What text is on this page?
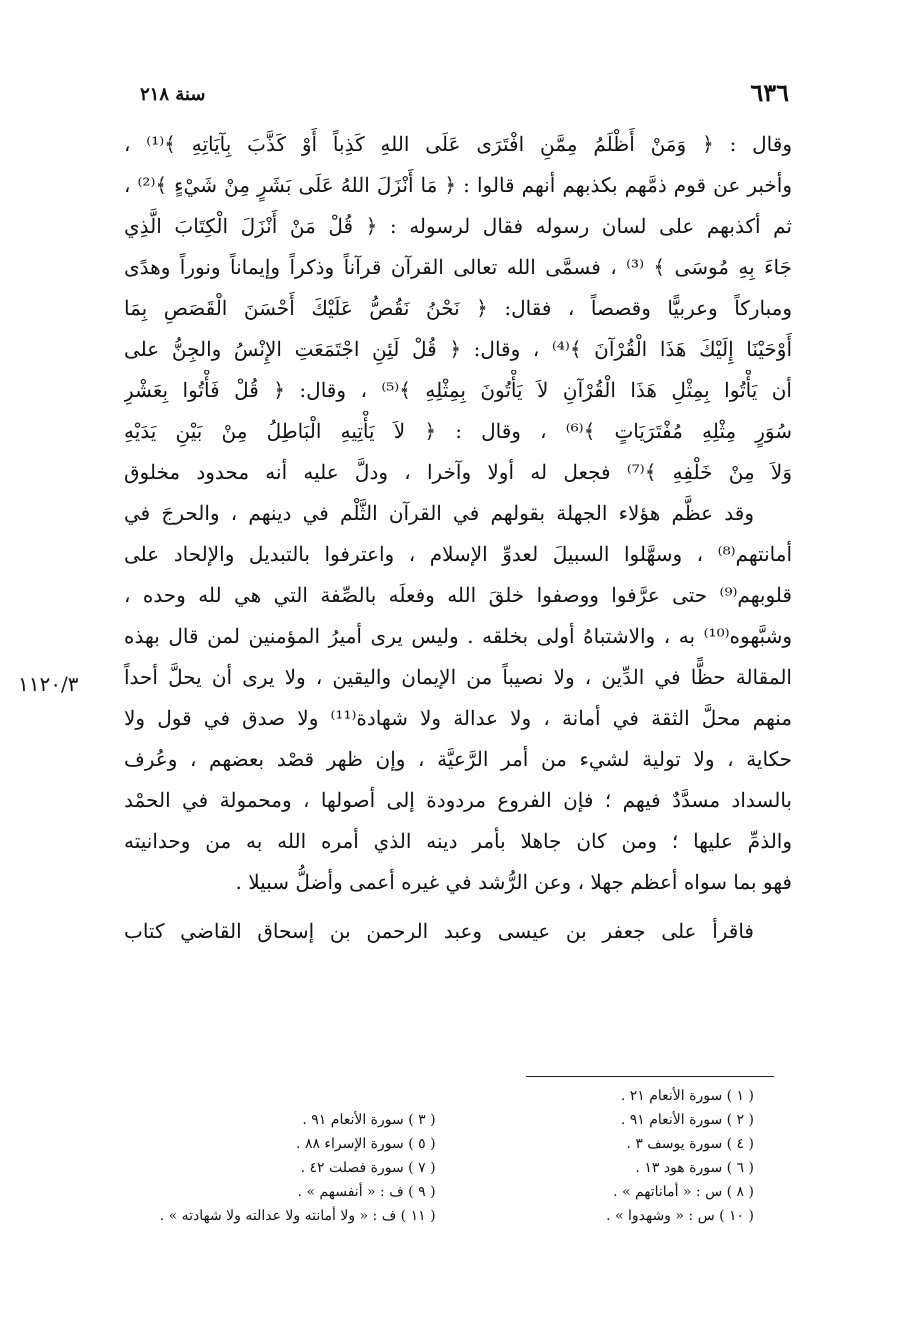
٦٣٦
سنة ٢١٨
١١٢٠/٣
وقال : ﴿ وَمَنْ أَظْلَمُ مِمَّنِ افْتَرَى عَلَى اللهِ كَذِباً أَوْ كَذَّبَ بِآيَاتِهِ ﴾⁽¹⁾ ،
وأخبر عن قوم ذمَّهم بكذبهم أنهم قالوا : ﴿ مَا أَنْزَلَ اللهُ عَلَى بَشَرٍ مِنْ شَيْءٍ ﴾⁽²⁾ ،
ثم أكذبهم على لسان رسوله فقال لرسوله : ﴿ قُلْ مَنْ أَنْزَلَ الْكِتَابَ الَّذِي
جَاءَ بِهِ مُوسَى ﴾ ⁽³⁾ ، فسمَّى الله تعالى القرآن قرآناً وذكراً وإيماناً ونوراً وهدًى
ومباركاً وعربيًّا وقصصاً ، فقال: ﴿ نَحْنُ نَقُصُّ عَلَيْكَ أَحْسَنَ الْقَصَصِ بِمَا
أَوْحَيْنَا إِلَيْكَ هَذَا الْقُرْآنَ ﴾⁽⁴⁾ ، وقال: ﴿ قُلْ لَئِنِ اجْتَمَعَتِ الإِنْسُ والجِنُّ على
أن يَأْتُوا بِمِثْلِ هَذَا الْقُرْآنِ لاَ يَأْتُونَ بِمِثْلِهِ ﴾⁽⁵⁾ ، وقال: ﴿ قُلْ فَأْتُوا بِعَشْرِ
سُوَرٍ مِثْلِهِ مُفْتَرَيَاتٍ ﴾⁽⁶⁾ ، وقال : ﴿ لاَ يَأْتِيهِ الْبَاطِلُ مِنْ بَيْنِ يَدَيْهِ
وَلاَ مِنْ خَلْفِهِ ﴾⁽⁷⁾ فجعل له أولا وآخرا ، ودلَّ عليه أنه محدود مخلوق
وقد عظَّم هؤلاء الجهلة بقولهم في القرآن الثَّلْم في دينهم ، والحرجَ في
أمانتهم⁽⁸⁾ ، وسهَّلوا السبيلَ لعدوِّ الإسلام ، واعترفوا بالتبديل والإلحاد على
قلوبهم⁽⁹⁾ حتى عرَّفوا ووصفوا خلقَ الله وفعلَه بالصِّفة التي هي لله وحده ،
وشبَّهوه⁽¹⁰⁾ به ، والاشتباهُ أولى بخلقه . وليس يرى أميرُ المؤمنين لمن قال بهذه
المقالة حظًّا في الدِّين ، ولا نصيباً من الإيمان واليقين ، ولا يرى أن يحلَّ أحداً
منهم محلَّ الثقة في أمانة ، ولا عدالة ولا شهادة⁽¹¹⁾ ولا صدق في قول ولا
حكاية ، ولا تولية لشيء من أمر الرَّعيَّة ، وإن ظهر قصْد بعضهم ، وعُرف
بالسداد مسدَّدٌ فيهم ؛ فإن الفروع مردودة إلى أصولها ، ومحمولة في الحمْد
والذمِّ عليها ؛ ومن كان جاهلا بأمر دينه الذي أمره الله به من وحدانيته
فهو بما سواه أعظم جهلا ، وعن الرُّشد في غيره أعمى وأضلُّ سبيلا .
فاقرأ على جعفر بن عيسى وعبد الرحمن بن إسحاق القاضي كتاب
( ١ ) سورة الأنعام ٢١ .
( ٢ ) سورة الأنعام ٩١ .
( ٤ ) سورة يوسف ٣ .
( ٦ ) سورة هود ١٣ .
( ٨ ) س : « أماناتهم » .
( ١٠ ) س : « وشهدوا » .
( ٣ ) سورة الأنعام ٩١ .
( ٥ ) سورة الإسراء ٨٨ .
( ٧ ) سورة فصلت ٤٢ .
( ٩ ) ف : « أنفسهم » .
( ١١ ) ف : « ولا أمانته ولا عدالته ولا شهادته » .
